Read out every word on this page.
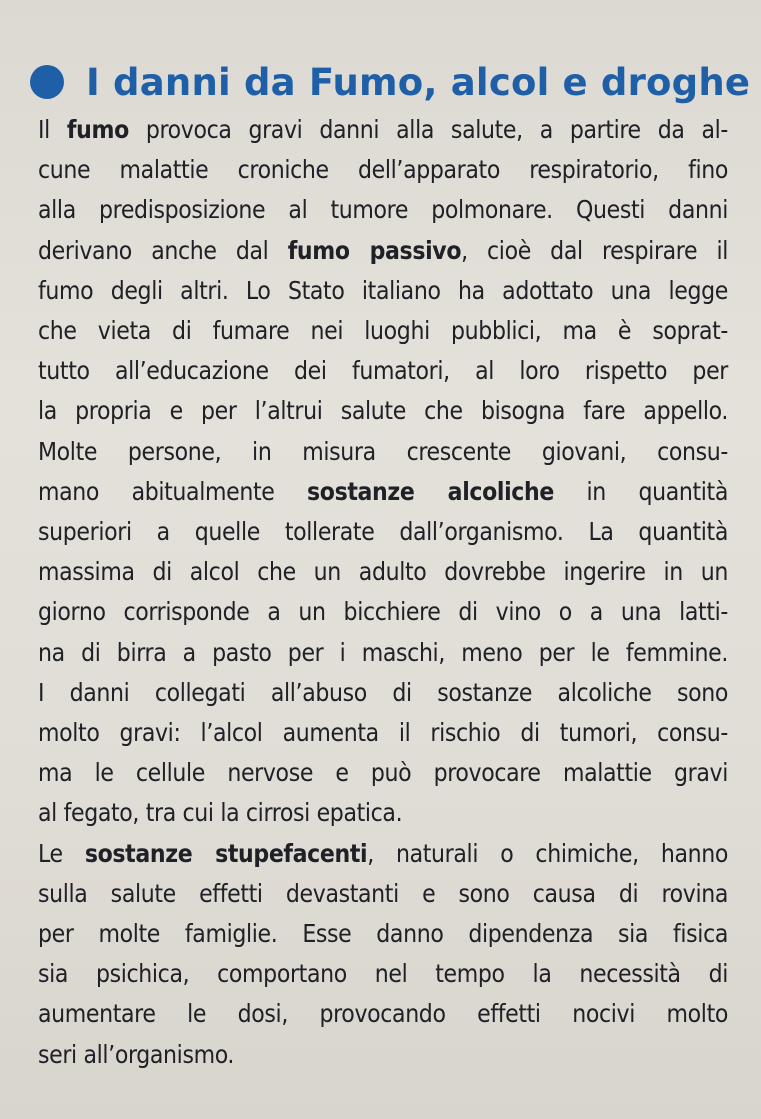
I danni da Fumo, alcol e droghe
Il fumo provoca gravi danni alla salute, a partire da al-
cune malattie croniche dell’apparato respiratorio, fino
alla predisposizione al tumore polmonare. Questi danni
derivano anche dal fumo passivo, cioè dal respirare il
fumo degli altri. Lo Stato italiano ha adottato una legge
che vieta di fumare nei luoghi pubblici, ma è soprat-
tutto all’educazione dei fumatori, al loro rispetto per
la propria e per l’altrui salute che bisogna fare appello.
Molte persone, in misura crescente giovani, consu-
mano abitualmente sostanze alcoliche in quantità
superiori a quelle tollerate dall’organismo. La quantità
massima di alcol che un adulto dovrebbe ingerire in un
giorno corrisponde a un bicchiere di vino o a una latti-
na di birra a pasto per i maschi, meno per le femmine.
I danni collegati all’abuso di sostanze alcoliche sono
molto gravi: l’alcol aumenta il rischio di tumori, consu-
ma le cellule nervose e può provocare malattie gravi
al fegato, tra cui la cirrosi epatica.
Le sostanze stupefacenti, naturali o chimiche, hanno
sulla salute effetti devastanti e sono causa di rovina
per molte famiglie. Esse danno dipendenza sia fisica
sia psichica, comportano nel tempo la necessità di
aumentare le dosi, provocando effetti nocivi molto
seri all’organismo.
